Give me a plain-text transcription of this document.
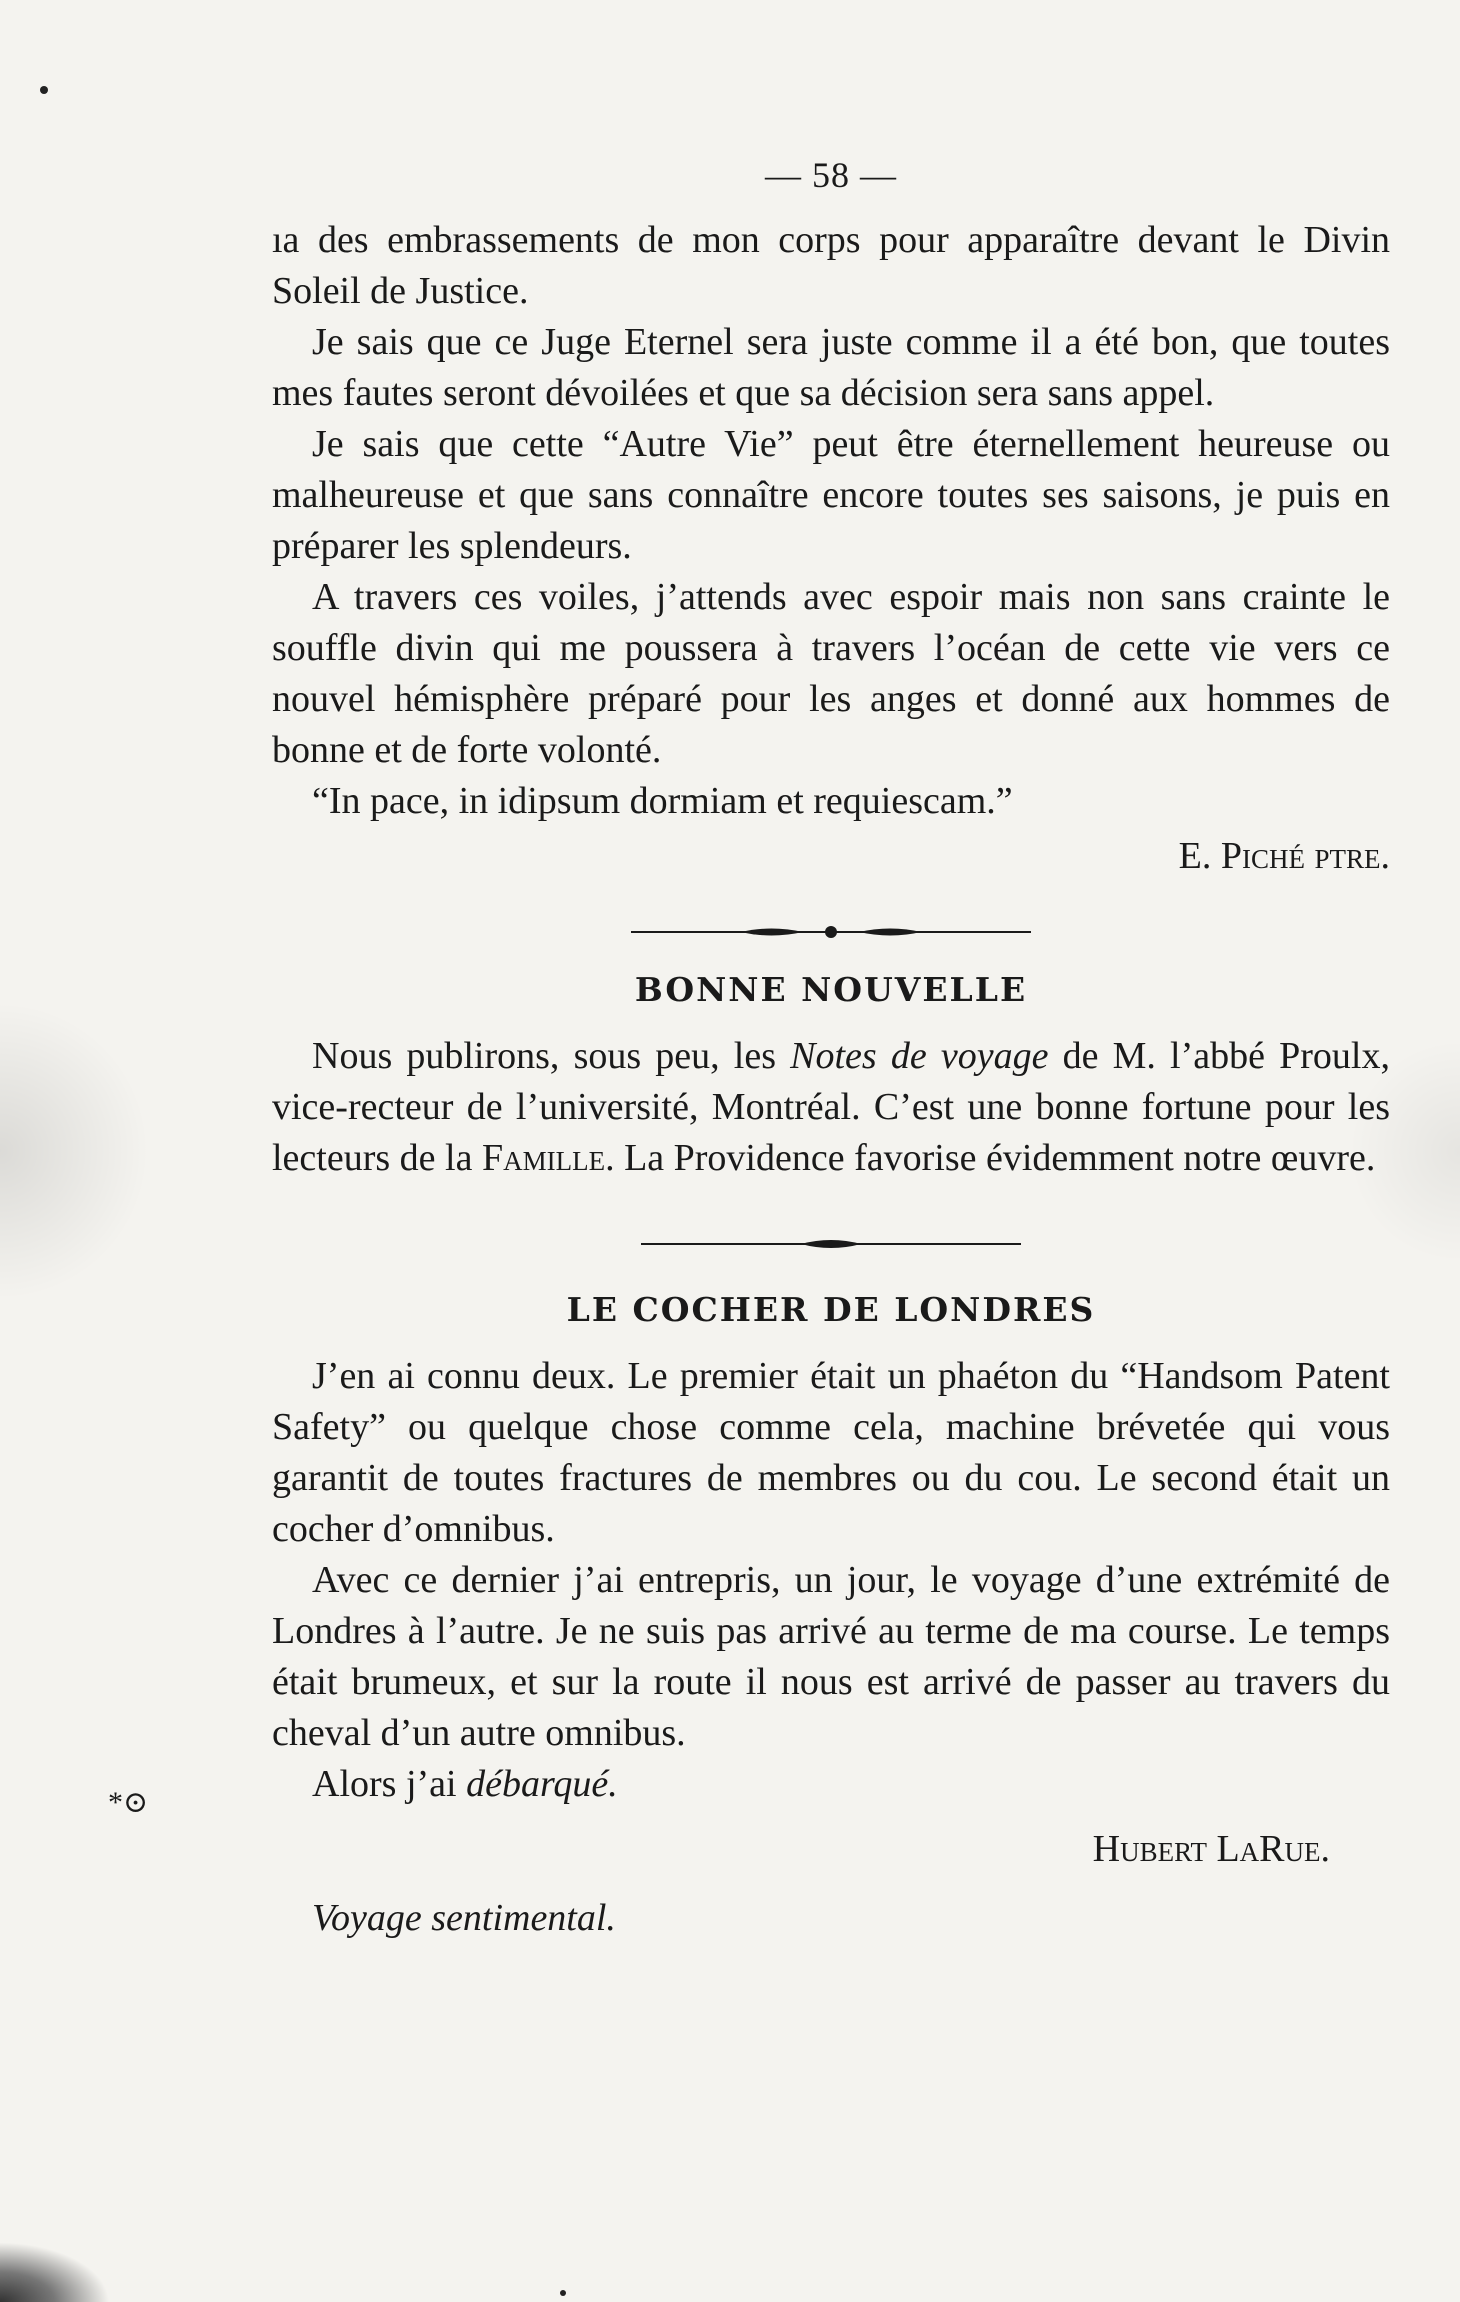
*⊙
— 58 —

ıa des embrassements de mon corps pour apparaître devant le Divin Soleil de Justice.

Je sais que ce Juge Eternel sera juste comme il a été bon, que toutes mes fautes seront dévoilées et que sa décision sera sans appel.

Je sais que cette “Autre Vie” peut être éternellement heureuse ou malheureuse et que sans connaître encore toutes ses saisons, je puis en préparer les splendeurs.

A travers ces voiles, j’attends avec espoir mais non sans crainte le souffle divin qui me poussera à travers l’océan de cette vie vers ce nouvel hémisphère préparé pour les anges et donné aux hommes de bonne et de forte volonté.

“In pace, in idipsum dormiam et requiescam.”

E. Piché ptre.

BONNE NOUVELLE

Nous publirons, sous peu, les Notes de voyage de M. l’abbé Proulx, vice-recteur de l’université, Montréal. C’est une bonne fortune pour les lecteurs de la Famille. La Providence favorise évidemment notre œuvre.

LE COCHER DE LONDRES

J’en ai connu deux. Le premier était un phaéton du “Handsom Patent Safety” ou quelque chose comme cela, machine brévetée qui vous garantit de toutes fractures de membres ou du cou. Le second était un cocher d’omnibus.

Avec ce dernier j’ai entrepris, un jour, le voyage d’une extrémité de Londres à l’autre. Je ne suis pas arrivé au terme de ma course. Le temps était brumeux, et sur la route il nous est arrivé de passer au travers du cheval d’un autre omnibus.

Alors j’ai débarqué.

Hubert LaRue.

Voyage sentimental.
